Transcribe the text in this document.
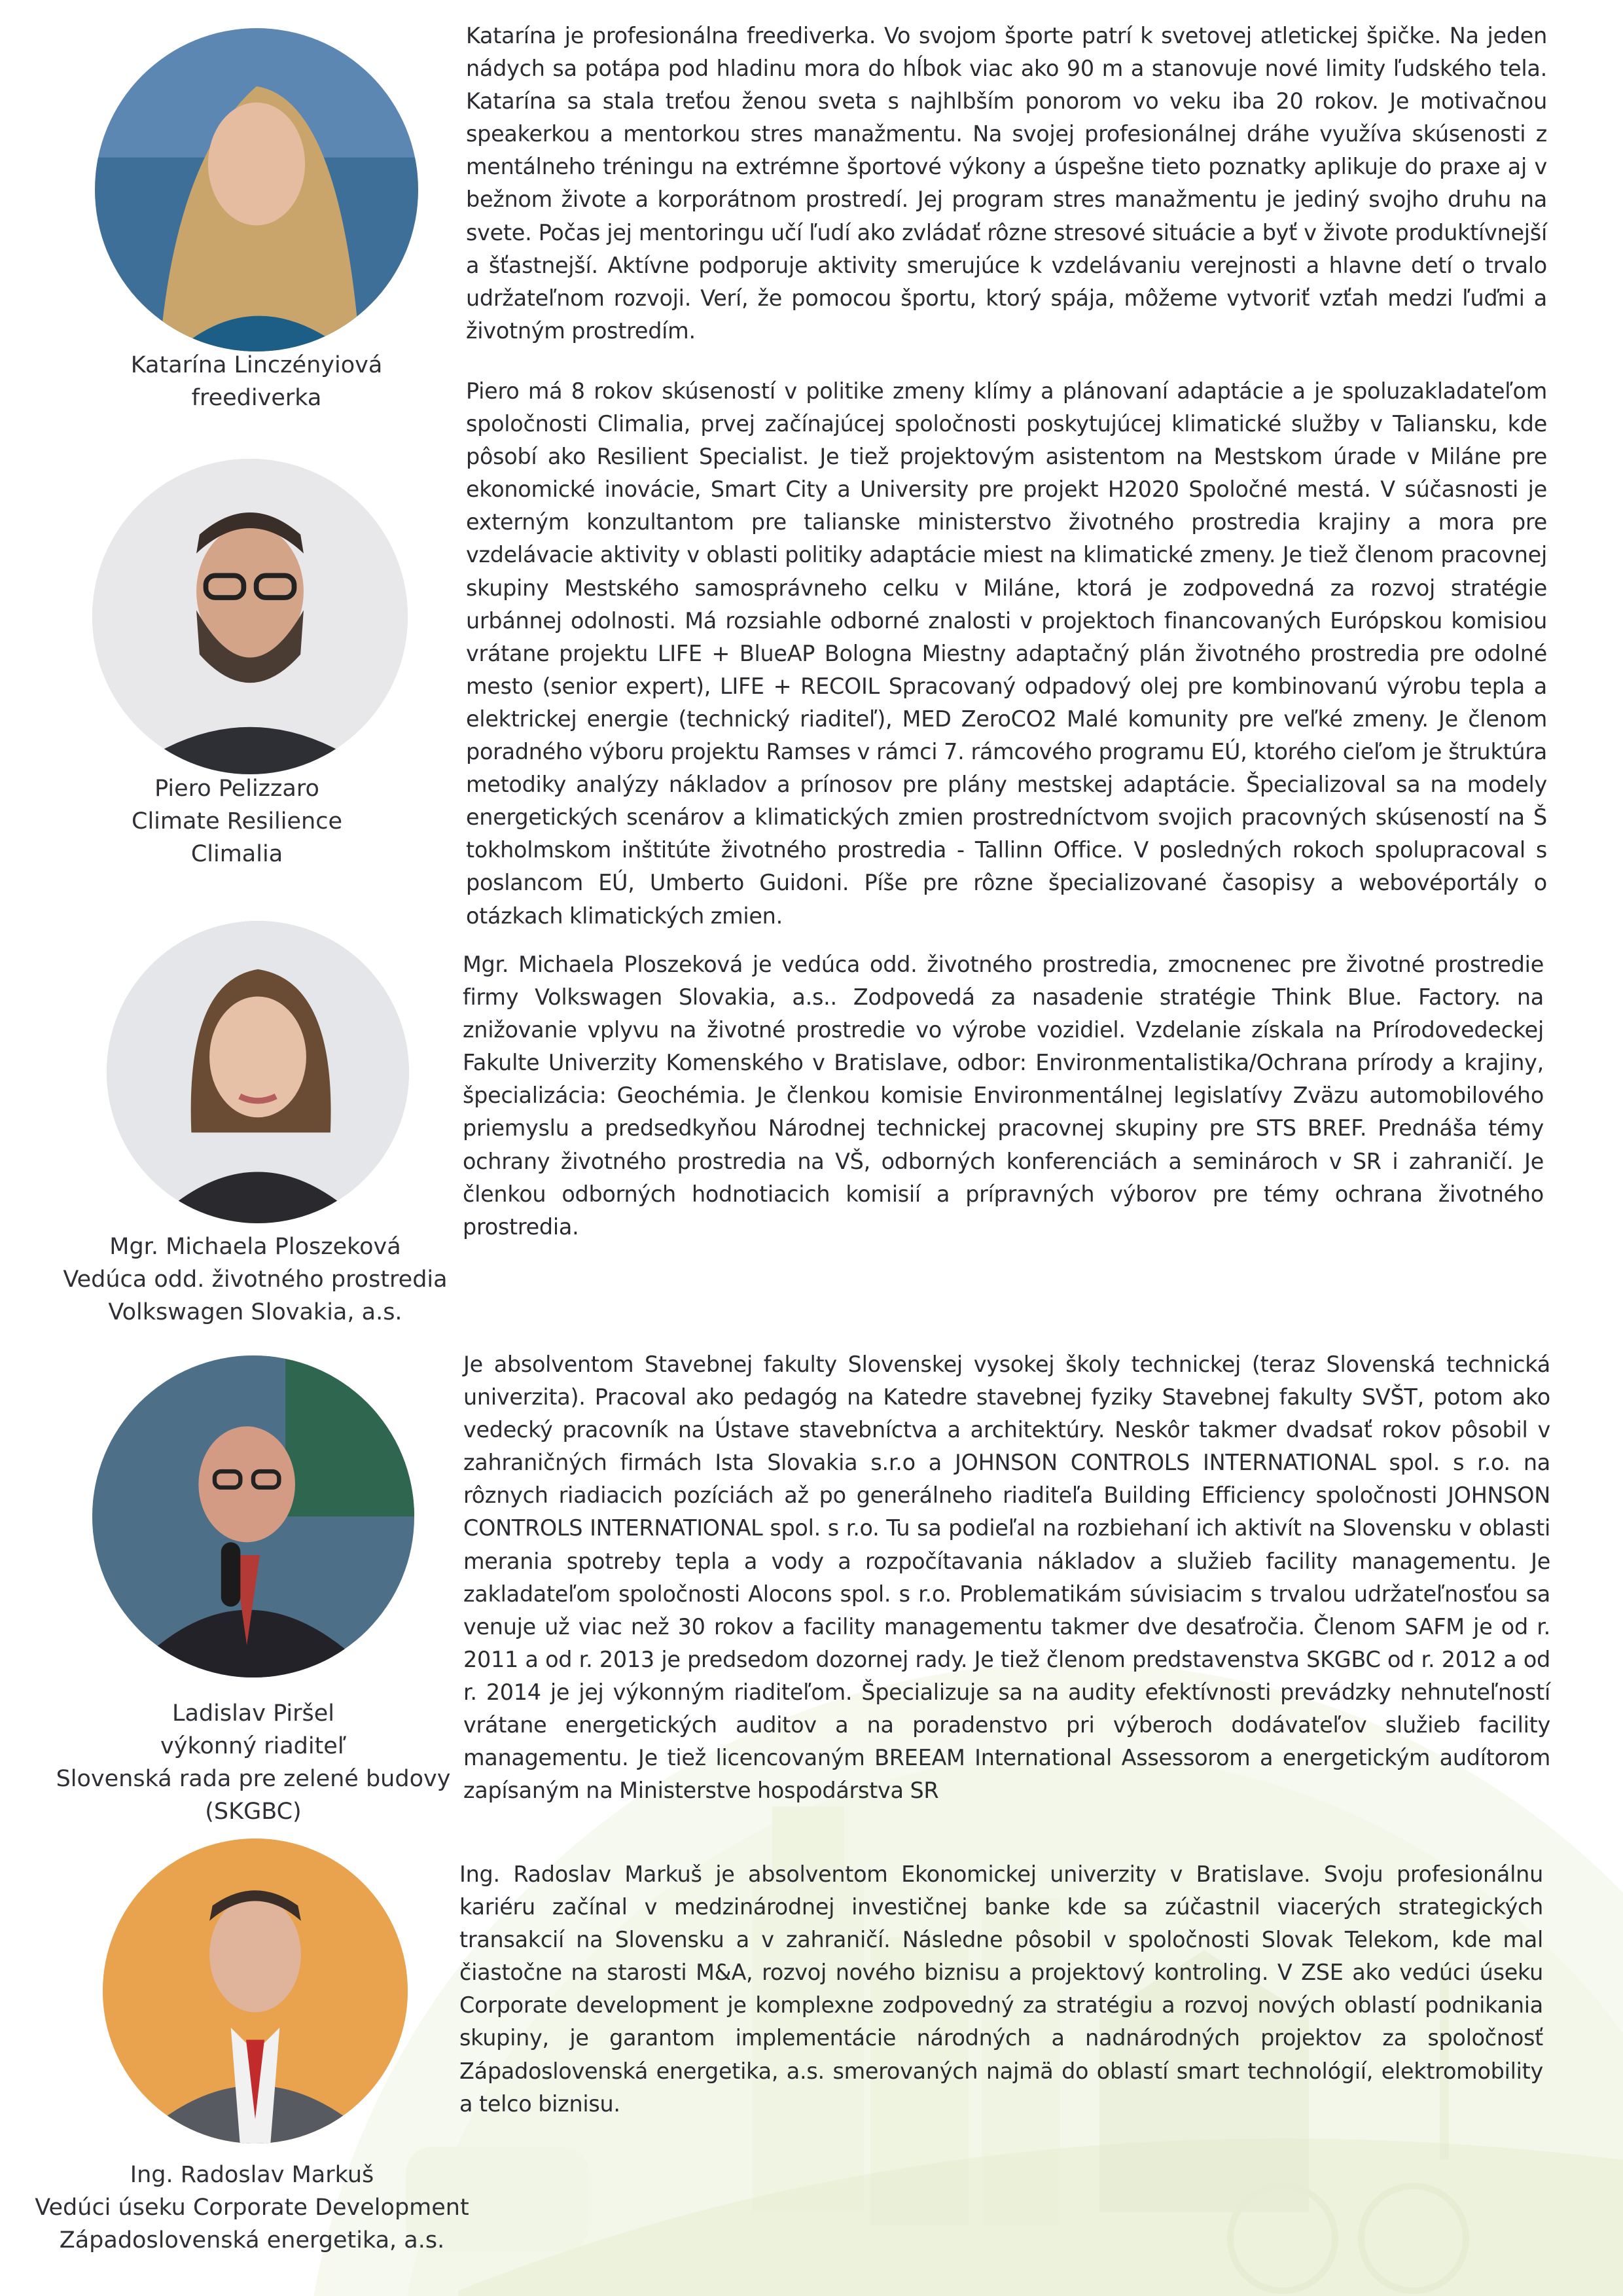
Katarína Linczényiová
freediverka
Katarína je profesionálna freediverka. Vo svojom športe patrí k svetovej atletickej špičke. Na jeden nádych sa potápa pod hladinu mora do hĺbok viac ako 90 m a stanovuje nové limity ľudského tela. Katarína sa stala treťou ženou sveta s najhlbším ponorom vo veku iba 20 rokov. Je motivačnou speakerkou a mentorkou stres manažmentu. Na svojej profesionálnej dráhe využíva skúsenosti z mentálneho tréningu na extrémne športové výkony a úspešne tieto poznatky aplikuje do praxe aj v bežnom živote a korporátnom prostredí. Jej program stres manažmentu je jediný svojho druhu na svete. Počas jej mentoringu učí ľudí ako zvládať rôzne stresové situácie a byť v živote produktívnejší a šťastnejší. Aktívne podporuje aktivity smerujúce k vzdelávaniu verejnosti a hlavne detí o trvalo udržateľnom rozvoji. Verí, že pomocou športu, ktorý spája, môžeme vytvoriť vzťah medzi ľuďmi a životným prostredím.
Piero Pelizzaro
Climate Resilience
Climalia
Piero má 8 rokov skúseností v politike zmeny klímy a plánovaní adaptácie a je spoluzakladateľom spoločnosti Climalia, prvej začínajúcej spoločnosti poskytujúcej klimatické služby v Taliansku, kde pôsobí ako Resilient Specialist. Je tiež projektovým asistentom na Mestskom úrade v Miláne pre ekonomické inovácie, Smart City a University pre projekt H2020 Spoločné mestá. V súčasnosti je externým konzultantom pre talianske ministerstvo životného prostredia krajiny a mora pre vzdelávacie aktivity v oblasti politiky adaptácie miest na klimatické zmeny. Je tiež členom pracovnej skupiny Mestského samosprávneho celku v Miláne, ktorá je zodpovedná za rozvoj stratégie urbánnej odolnosti. Má rozsiahle odborné znalosti v projektoch financovaných Európskou komisiou vrátane projektu LIFE + BlueAP Bologna Miestny adaptačný plán životného prostredia pre odolné mesto (senior expert), LIFE + RECOIL Spracovaný odpadový olej pre kombinovanú výrobu tepla a elektrickej energie (technický riaditeľ), MED ZeroCO2 Malé komunity pre veľké zmeny. Je členom poradného výboru projektu Ramses v rámci 7. rámcového programu EÚ, ktorého cieľom je štruktúra metodiky analýzy nákladov a prínosov pre plány mestskej adaptácie. Špecializoval sa na modely energetických scenárov a klimatických zmien prostredníctvom svojich pracovných skúseností na Š tokholmskom inštitúte životného prostredia - Tallinn Office. V posledných rokoch spolupracoval s poslancom EÚ, Umberto Guidoni. Píše pre rôzne špecializované časopisy a webovéportály o otázkach klimatických zmien.
Mgr. Michaela Ploszeková
Vedúca odd. životného prostredia
Volkswagen Slovakia, a.s.
Mgr. Michaela Ploszeková je vedúca odd. životného prostredia, zmocnenec pre životné prostredie firmy Volkswagen Slovakia, a.s.. Zodpovedá za nasadenie stratégie Think Blue. Factory. na znižovanie vplyvu na životné prostredie vo výrobe vozidiel. Vzdelanie získala na Prírodovedeckej Fakulte Univerzity Komenského v Bratislave, odbor: Environmentalistika/Ochrana prírody a krajiny, špecializácia: Geochémia. Je členkou komisie Environmentálnej legislatívy Zväzu automobilového priemyslu a predsedkyňou Národnej technickej pracovnej skupiny pre STS BREF. Prednáša témy ochrany životného prostredia na VŠ, odborných konferenciách a seminároch v SR i zahraničí. Je členkou odborných hodnotiacich komisií a prípravných výborov pre témy ochrana životného prostredia.
Ladislav Piršel
výkonný riaditeľ
Slovenská rada pre zelené budovy
(SKGBC)
Je absolventom Stavebnej fakulty Slovenskej vysokej školy technickej (teraz Slovenská technická univerzita). Pracoval ako pedagóg na Katedre stavebnej fyziky Stavebnej fakulty SVŠT, potom ako vedecký pracovník na Ústave stavebníctva a architektúry. Neskôr takmer dvadsať rokov pôsobil v zahraničných firmách Ista Slovakia s.r.o a JOHNSON CONTROLS INTERNATIONAL spol. s r.o. na rôznych riadiacich pozíciách až po generálneho riaditeľa Building Efficiency spoločnosti JOHNSON CONTROLS INTERNATIONAL spol. s r.o. Tu sa podieľal na rozbiehaní ich aktivít na Slovensku v oblasti merania spotreby tepla a vody a rozpočítavania nákladov a služieb facility managementu. Je zakladateľom spoločnosti Alocons spol. s r.o. Problematikám súvisiacim s trvalou udržateľnosťou sa venuje už viac než 30 rokov a facility managementu takmer dve desaťročia. Členom SAFM je od r. 2011 a od r. 2013 je predsedom dozornej rady. Je tiež členom predstavenstva SKGBC od r. 2012 a od r. 2014 je jej výkonným riaditeľom. Špecializuje sa na audity efektívnosti prevádzky nehnuteľností vrátane energetických auditov a na poradenstvo pri výberoch dodávateľov služieb facility managementu. Je tiež licencovaným BREEAM International Assessorom a energetickým audítorom zapísaným na Ministerstve hospodárstva SR
Ing. Radoslav Markuš
Vedúci úseku Corporate Development
Západoslovenská energetika, a.s.
Ing. Radoslav Markuš je absolventom Ekonomickej univerzity v Bratislave. Svoju profesionálnu kariéru začínal v medzinárodnej investičnej banke kde sa zúčastnil viacerých strategických transakcií na Slovensku a v zahraničí. Následne pôsobil v spoločnosti Slovak Telekom, kde mal čiastočne na starosti M&A, rozvoj nového biznisu a projektový kontroling. V ZSE ako vedúci úseku Corporate development je komplexne zodpovedný za stratégiu a rozvoj nových oblastí podnikania skupiny, je garantom implementácie národných a nadnárodných projektov za spoločnosť Západoslovenská energetika, a.s. smerovaných najmä do oblastí smart technológií, elektromobility a telco biznisu.
